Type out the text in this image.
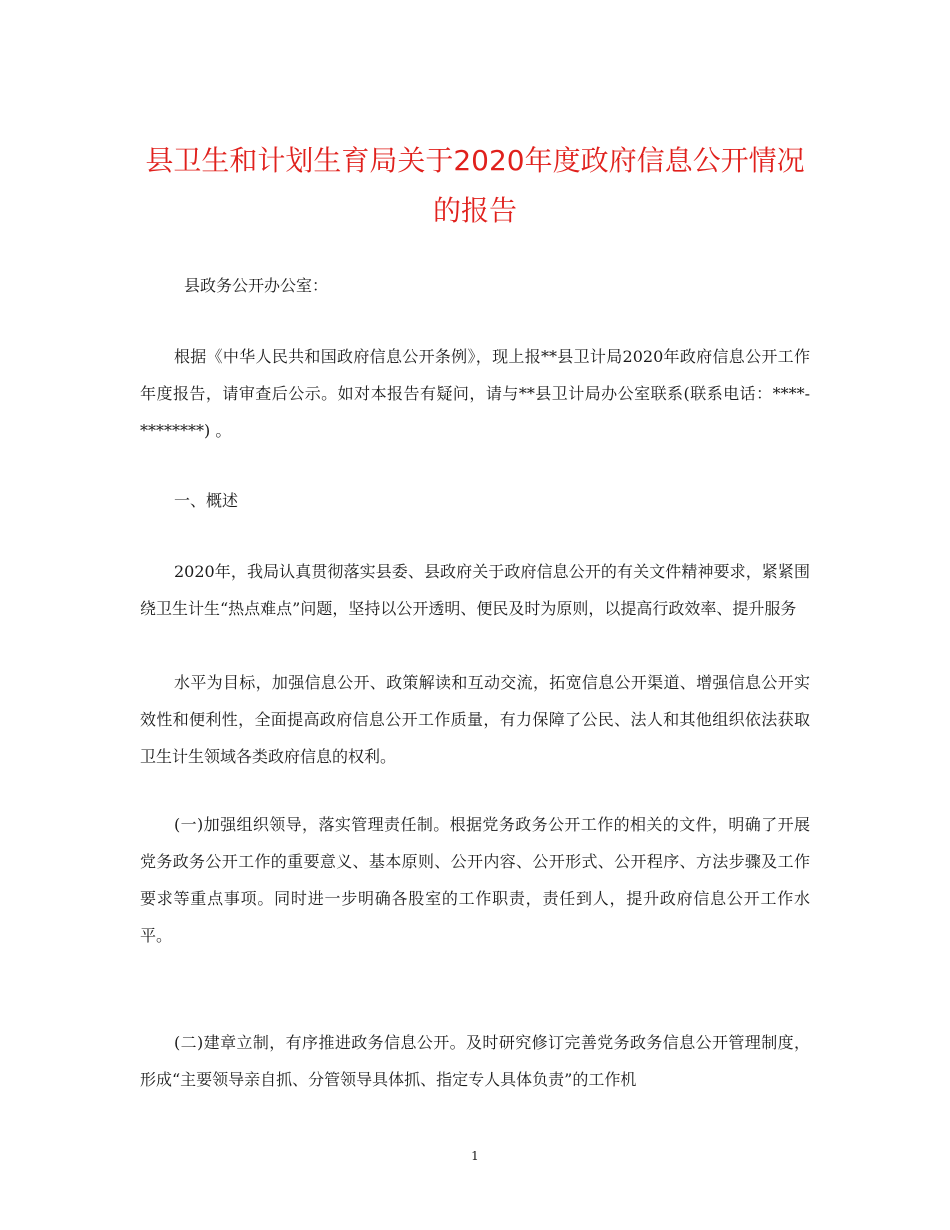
县卫生和计划生育局关于2020年度政府信息公开情况的报告

县政务公开办公室：

根据《中华人民共和国政府信息公开条例》，现上报**县卫计局2020年政府信息公开工作年度报告，请审查后公示。如对本报告有疑问，请与**县卫计局办公室联系(联系电话：****-********) 。

一、概述

2020年，我局认真贯彻落实县委、县政府关于政府信息公开的有关文件精神要求，紧紧围绕卫生计生“热点难点”问题，坚持以公开透明、便民及时为原则，以提高行政效率、提升服务

水平为目标，加强信息公开、政策解读和互动交流，拓宽信息公开渠道、增强信息公开实效性和便利性，全面提高政府信息公开工作质量，有力保障了公民、法人和其他组织依法获取卫生计生领域各类政府信息的权利。

(一)加强组织领导，落实管理责任制。根据党务政务公开工作的相关的文件，明确了开展党务政务公开工作的重要意义、基本原则、公开内容、公开形式、公开程序、方法步骤及工作要求等重点事项。同时进一步明确各股室的工作职责，责任到人，提升政府信息公开工作水平。

(二)建章立制，有序推进政务信息公开。及时研究修订完善党务政务信息公开管理制度，形成“主要领导亲自抓、分管领导具体抓、指定专人具体负责”的工作机

1
